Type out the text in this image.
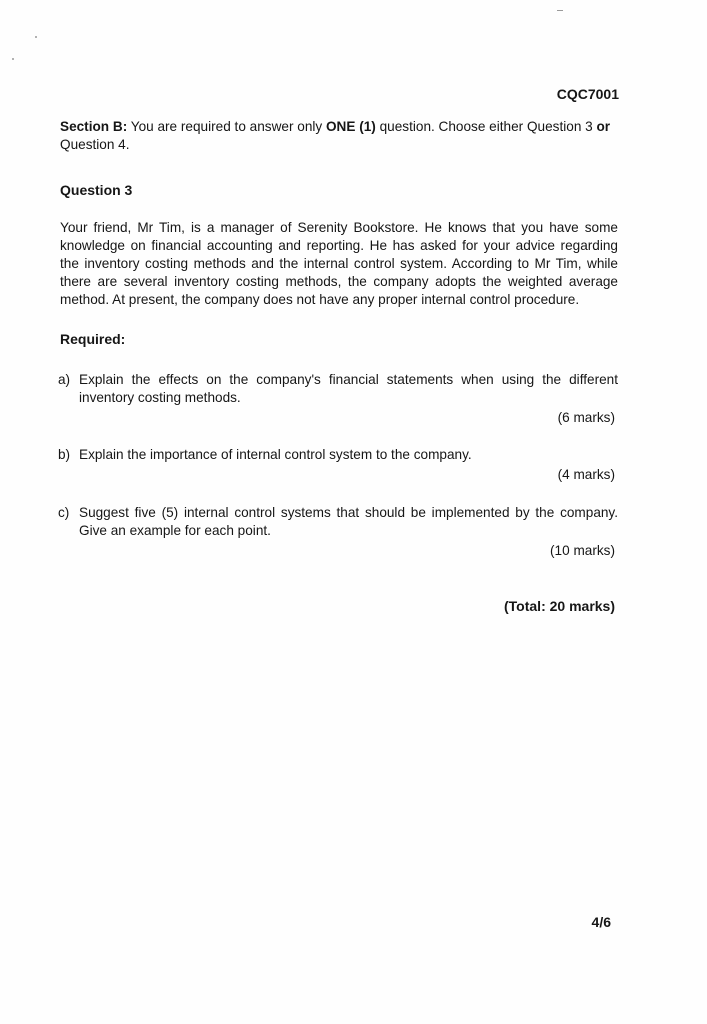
CQC7001
Section B: You are required to answer only ONE (1) question. Choose either Question 3 or Question 4.
Question 3
Your friend, Mr Tim, is a manager of Serenity Bookstore. He knows that you have some knowledge on financial accounting and reporting. He has asked for your advice regarding the inventory costing methods and the internal control system. According to Mr Tim, while there are several inventory costing methods, the company adopts the weighted average method. At present, the company does not have any proper internal control procedure.
Required:
a) Explain the effects on the company's financial statements when using the different inventory costing methods.
(6 marks)
b) Explain the importance of internal control system to the company.
(4 marks)
c) Suggest five (5) internal control systems that should be implemented by the company. Give an example for each point.
(10 marks)
(Total: 20 marks)
4/6
